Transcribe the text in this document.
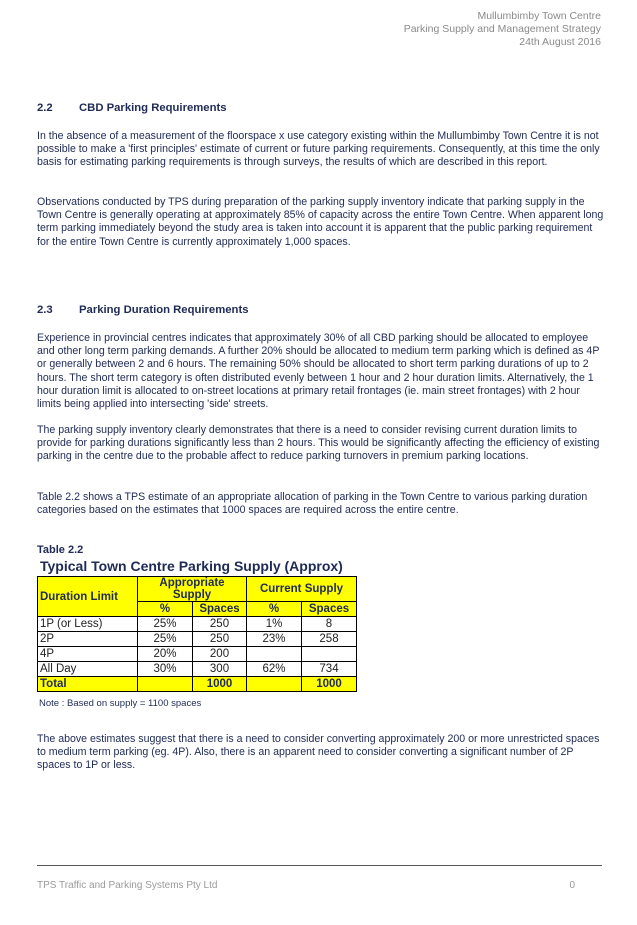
Mullumbimby Town Centre
Parking Supply and Management Strategy
24th August 2016
2.2 CBD Parking Requirements

In the absence of a measurement of the floorspace x use category existing within the Mullumbimby Town Centre it is not possible to make a 'first principles' estimate of current or future parking requirements. Consequently, at this time the only basis for estimating parking requirements is through surveys, the results of which are described in this report.

Observations conducted by TPS during preparation of the parking supply inventory indicate that parking supply in the Town Centre is generally operating at approximately 85% of capacity across the entire Town Centre. When apparent long term parking immediately beyond the study area is taken into account it is apparent that the public parking requirement for the entire Town Centre is currently approximately 1,000 spaces.

2.3 Parking Duration Requirements

Experience in provincial centres indicates that approximately 30% of all CBD parking should be allocated to employee and other long term parking demands. A further 20% should be allocated to medium term parking which is defined as 4P or generally between 2 and 6 hours. The remaining 50% should be allocated to short term parking durations of up to 2 hours. The short term category is often distributed evenly between 1 hour and 2 hour duration limits. Alternatively, the 1 hour duration limit is allocated to on-street locations at primary retail frontages (ie. main street frontages) with 2 hour limits being applied into intersecting 'side' streets.

The parking supply inventory clearly demonstrates that there is a need to consider revising current duration limits to provide for parking durations significantly less than 2 hours. This would be significantly affecting the efficiency of existing parking in the centre due to the probable affect to reduce parking turnovers in premium parking locations.

Table 2.2 shows a TPS estimate of an appropriate allocation of parking in the Town Centre to various parking duration categories based on the estimates that 1000 spaces are required across the entire centre.

Table 2.2
Typical Town Centre Parking Supply (Approx)
Duration Limit	Appropriate Supply		Current Supply	
	%	Spaces	%	Spaces
1P (or Less)	25%	250	1%	8
2P	25%	250	23%	258
4P	20%	200		
All Day	30%	300	62%	734
Total		1000		1000
Note : Based on supply = 1100 spaces

The above estimates suggest that there is a need to consider converting approximately 200 or more unrestricted spaces to medium term parking (eg. 4P). Also, there is an apparent need to consider converting a significant number of 2P spaces to 1P or less.

TPS Traffic and Parking Systems Pty Ltd	0
